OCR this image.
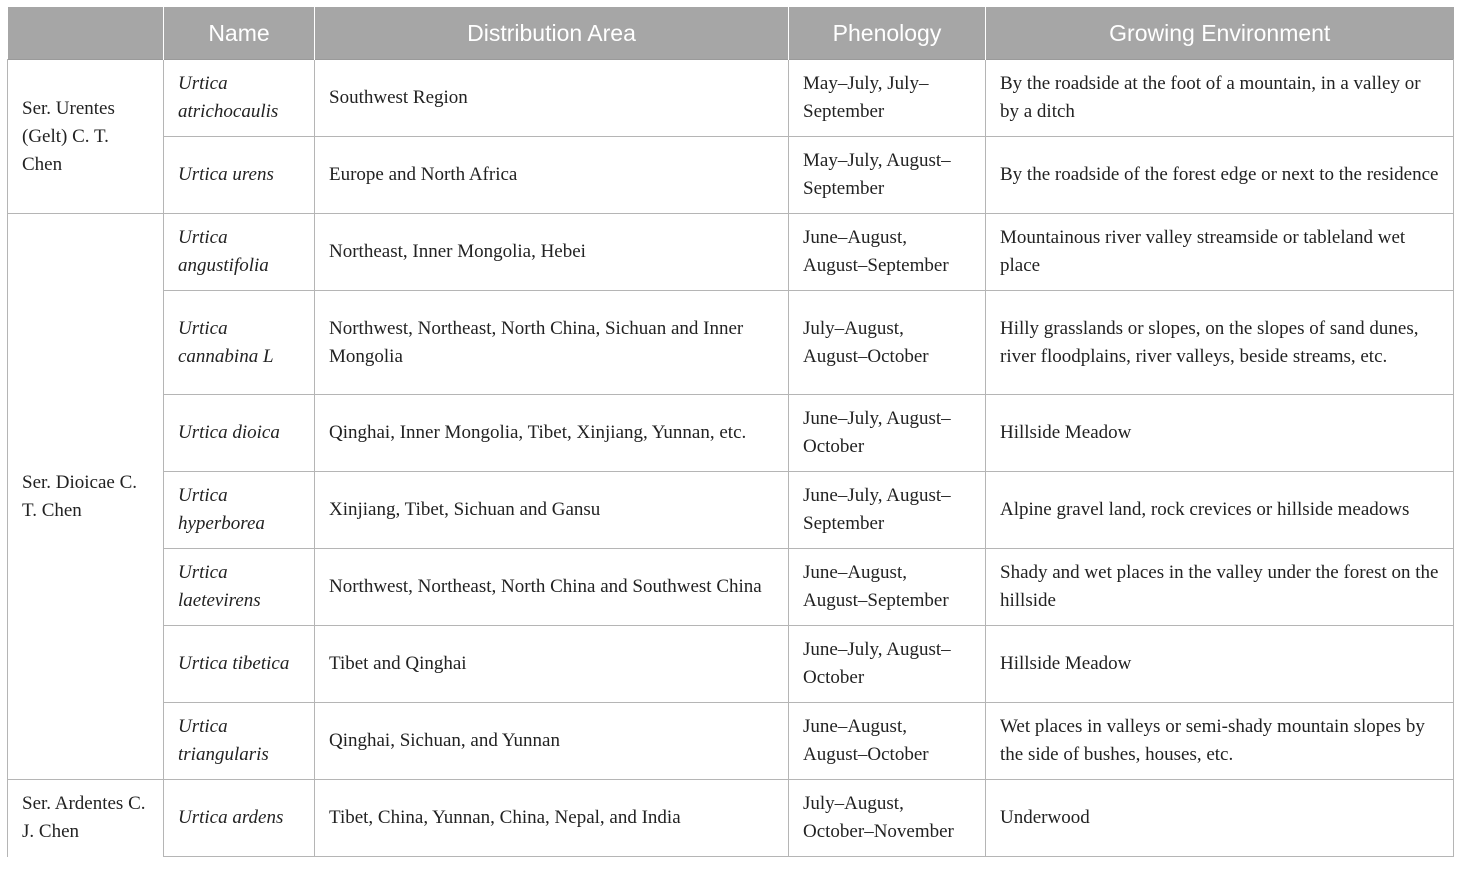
	Name	Distribution Area	Phenology	Growing Environment
Ser. Urentes (Gelt) C. T. Chen	Urtica atrichocaulis	Southwest Region	May–July, July–September	By the roadside at the foot of a mountain, in a valley or by a ditch
	Urtica urens	Europe and North Africa	May–July, August–September	By the roadside of the forest edge or next to the residence
Ser. Dioicae C. T. Chen	Urtica angustifolia	Northeast, Inner Mongolia, Hebei	June–August, August–September	Mountainous river valley streamside or tableland wet place
	Urtica cannabina L	Northwest, Northeast, North China, Sichuan and Inner Mongolia	July–August, August–October	Hilly grasslands or slopes, on the slopes of sand dunes, river floodplains, river valleys, beside streams, etc.
	Urtica dioica	Qinghai, Inner Mongolia, Tibet, Xinjiang, Yunnan, etc.	June–July, August–October	Hillside Meadow
	Urtica hyperborea	Xinjiang, Tibet, Sichuan and Gansu	June–July, August–September	Alpine gravel land, rock crevices or hillside meadows
	Urtica laetevirens	Northwest, Northeast, North China and Southwest China	June–August, August–September	Shady and wet places in the valley under the forest on the hillside
	Urtica tibetica	Tibet and Qinghai	June–July, August–October	Hillside Meadow
	Urtica triangularis	Qinghai, Sichuan, and Yunnan	June–August, August–October	Wet places in valleys or semi-shady mountain slopes by the side of bushes, houses, etc.
Ser. Ardentes C. J. Chen	Urtica ardens	Tibet, China, Yunnan, China, Nepal, and India	July–August, October–November	Underwood
